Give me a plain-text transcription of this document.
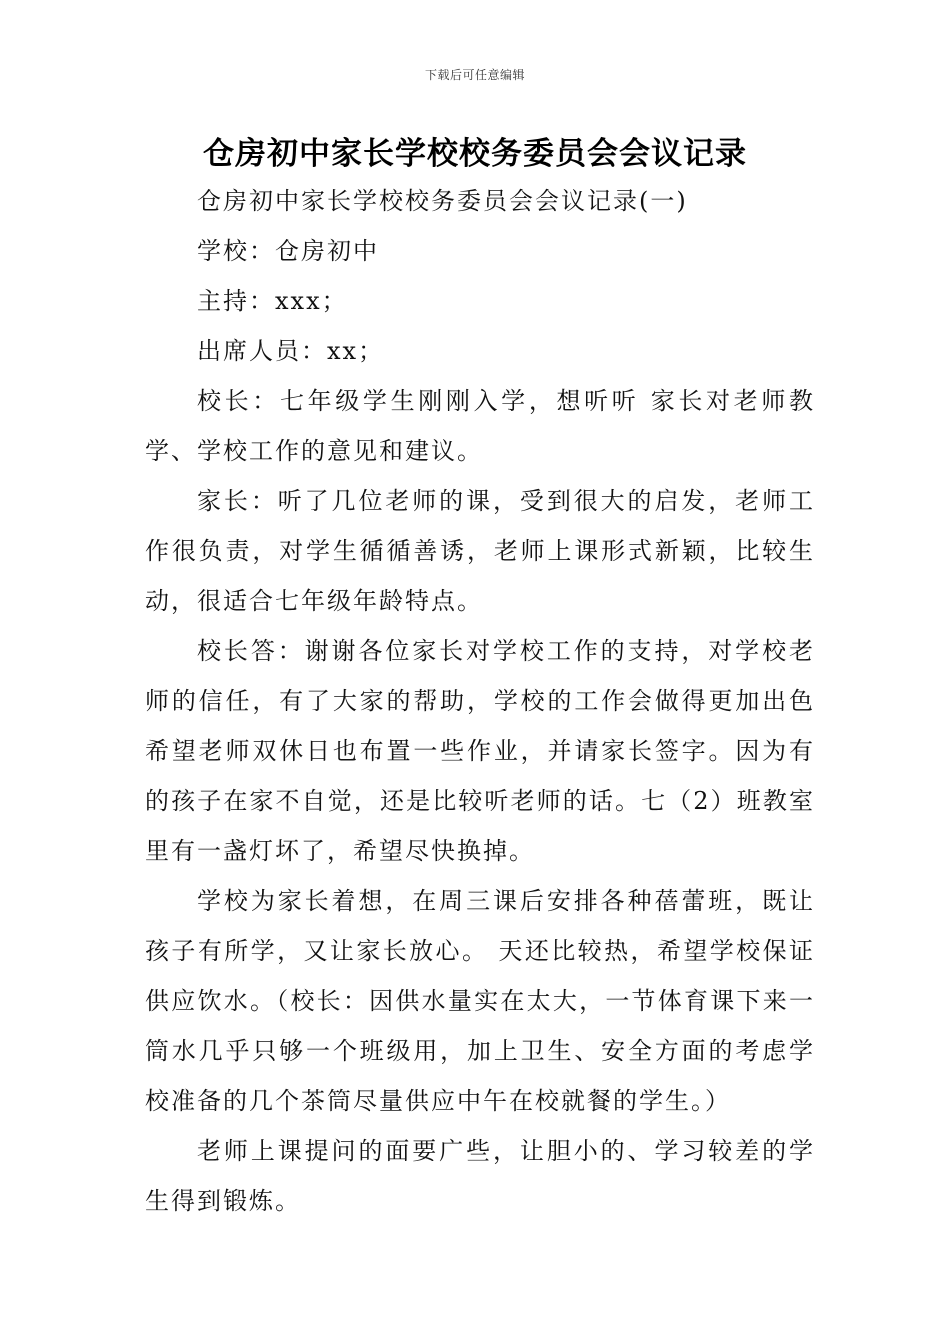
下载后可任意编辑
仓房初中家长学校校务委员会会议记录

仓房初中家长学校校务委员会会议记录(一)

学校：仓房初中

主持：xxx；

出席人员：xx；

校长：七年级学生刚刚入学，想听听 家长对老师教学、学校工作的意见和建议。

家长：听了几位老师的课，受到很大的启发，老师工作很负责，对学生循循善诱，老师上课形式新颖，比较生动，很适合七年级年龄特点。

校长答：谢谢各位家长对学校工作的支持，对学校老师的信任，有了大家的帮助，学校的工作会做得更加出色希望老师双休日也布置一些作业，并请家长签字。因为有的孩子在家不自觉，还是比较听老师的话。七（2）班教室里有一盏灯坏了，希望尽快换掉。

学校为家长着想，在周三课后安排各种蓓蕾班，既让孩子有所学，又让家长放心。 天还比较热，希望学校保证供应饮水。（校长：因供水量实在太大，一节体育课下来一筒水几乎只够一个班级用，加上卫生、安全方面的考虑学校准备的几个茶筒尽量供应中午在校就餐的学生。）

老师上课提问的面要广些，让胆小的、学习较差的学生得到锻炼。
